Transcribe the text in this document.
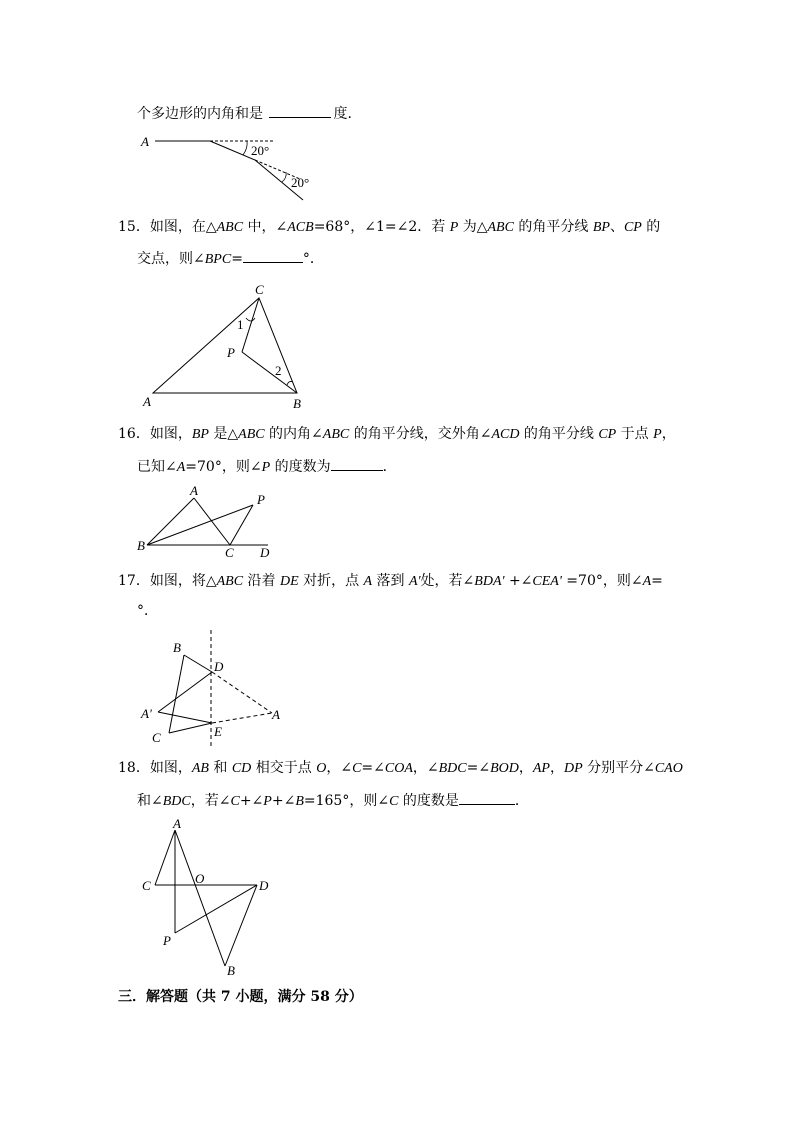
个多边形的内角和是	度.
A
20°
20°
15．如图，在△ABC 中，∠ACB=68°，∠1=∠2．若 P 为△ABC 的角平分线 BP、CP 的
交点，则∠BPC=	°．
A	B
C
P
1
2
16．如图，BP 是△ABC 的内角∠ABC 的角平分线，交外角∠ACD 的角平分线 CP 于点 P，
已知∠A=70°，则∠P 的度数为	．
B
A
C D
P
17．如图，将△ABC 沿着 DE 对折，点 A 落到 A'处，若∠BDA' +∠CEA' =70°，则∠A=
°．
B
D
A'
C	E
A
18．如图，AB 和 CD 相交于点 O，∠C=∠COA，∠BDC=∠BOD，AP，DP 分别平分∠CAO
和∠BDC，若∠C+∠P+∠B=165°，则∠C 的度数是	．
A
C	O	D
P
B
三．解答题（共 7 小题，满分 58 分）
